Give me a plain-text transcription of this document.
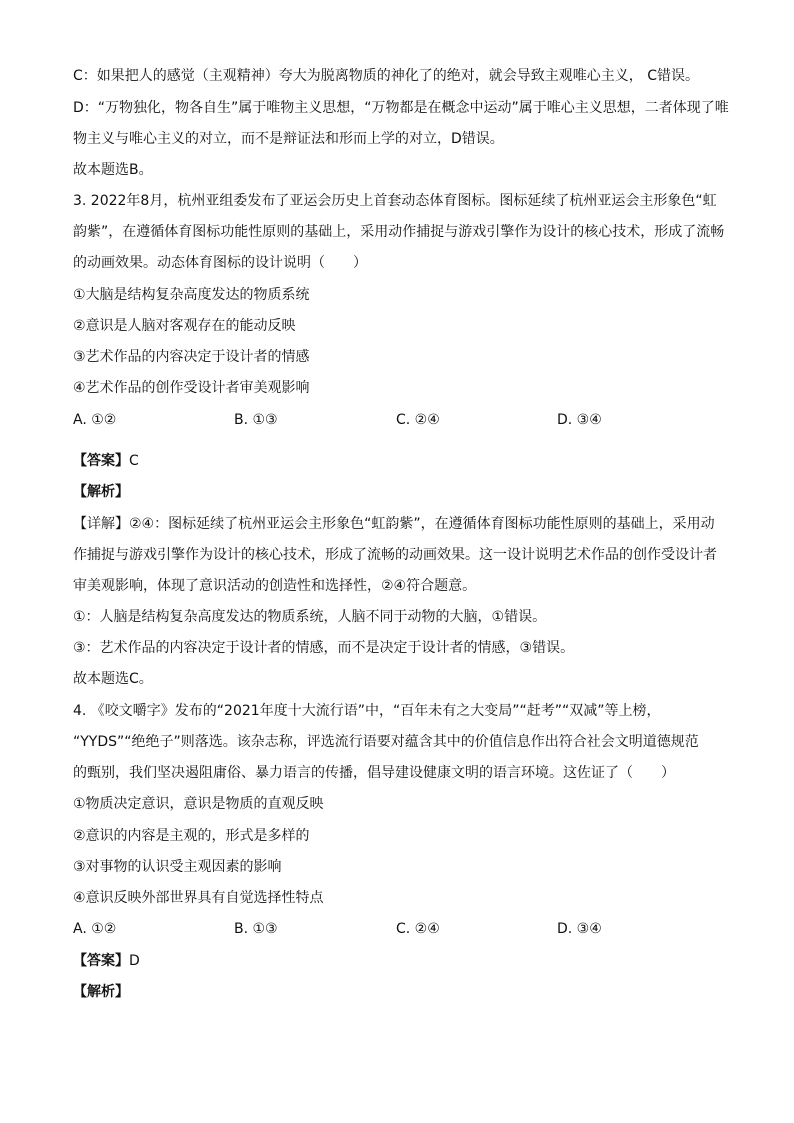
C：如果把人的感觉（主观精神）夸大为脱离物质的神化了的绝对，就会导致主观唯心主义， C错误。
D：“万物独化，物各自生”属于唯物主义思想，“万物都是在概念中运动”属于唯心主义思想，二者体现了唯
物主义与唯心主义的对立，而不是辩证法和形而上学的对立，D错误。
故本题选B。
3. 2022年8月，杭州亚组委发布了亚运会历史上首套动态体育图标。图标延续了杭州亚运会主形象色“虹
韵紫”，在遵循体育图标功能性原则的基础上，采用动作捕捉与游戏引擎作为设计的核心技术，形成了流畅
的动画效果。动态体育图标的设计说明（　　）
①大脑是结构复杂高度发达的物质系统
②意识是人脑对客观存在的能动反映
③艺术作品的内容决定于设计者的情感
④艺术作品的创作受设计者审美观影响
A. ①②	B. ①③	C. ②④	D. ③④
【答案】C
【解析】
【详解】②④：图标延续了杭州亚运会主形象色“虹韵紫”，在遵循体育图标功能性原则的基础上，采用动
作捕捉与游戏引擎作为设计的核心技术，形成了流畅的动画效果。这一设计说明艺术作品的创作受设计者
审美观影响，体现了意识活动的创造性和选择性，②④符合题意。
①：人脑是结构复杂高度发达的物质系统，人脑不同于动物的大脑，①错误。
③：艺术作品的内容决定于设计者的情感，而不是决定于设计者的情感，③错误。
故本题选C。
4. 《咬文嚼字》发布的“2021年度十大流行语”中，“百年未有之大变局”“赶考”“双减”等上榜，
“YYDS”“绝绝子”则落选。该杂志称，评选流行语要对蕴含其中的价值信息作出符合社会文明道德规范
的甄别，我们坚决遏阻庸俗、暴力语言的传播，倡导建设健康文明的语言环境。这佐证了（　　）
①物质决定意识，意识是物质的直观反映
②意识的内容是主观的，形式是多样的
③对事物的认识受主观因素的影响
④意识反映外部世界具有自觉选择性特点
A. ①②	B. ①③	C. ②④	D. ③④
【答案】D
【解析】
